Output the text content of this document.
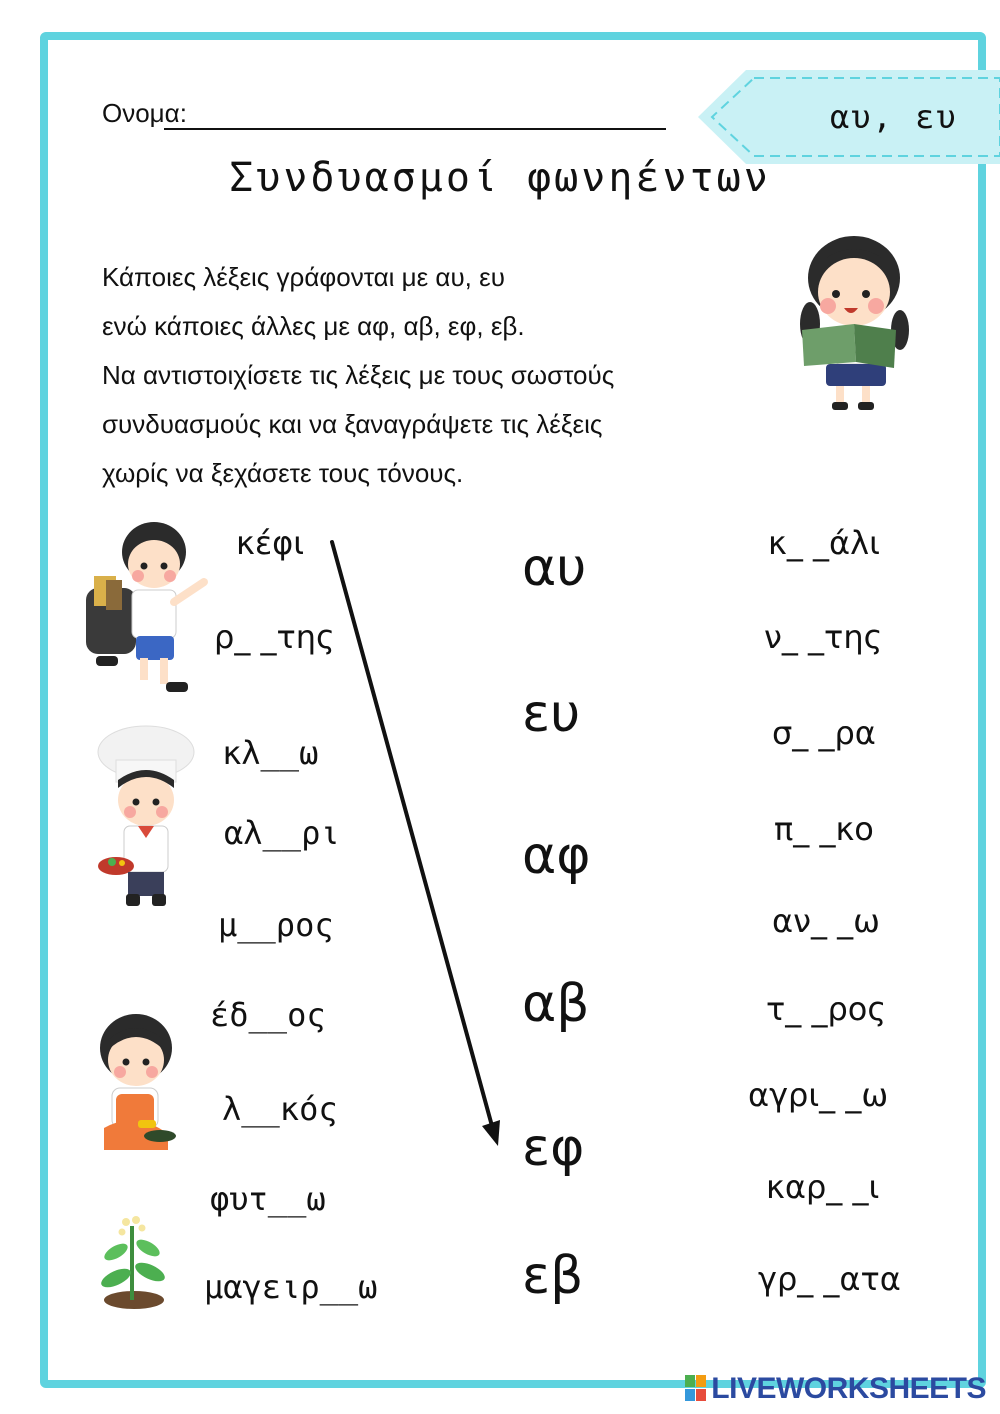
Ονομα:	αυ, ευ
Συνδυασμοί φωνηέντων
Κάποιες λέξεις γράφονται με αυ, ευ
ενώ κάποιες άλλες με αφ, αβ, εφ, εβ.
Να αντιστοιχίσετε τις λέξεις με τους σωστούς
συνδυασμούς και να ξαναγράψετε τις λέξεις
χωρίς να ξεχάσετε τους τόνους.
κέφι
ρ_ _της
κλ__ω
αλ__ρι
μ__ρος
έδ__ος
λ__κός
φυτ__ω
μαγειρ__ω
αυ
ευ
αφ
αβ
εφ
εβ
κ_ _άλι
ν_ _της
σ_ _ρα
π_ _κο
αν_ _ω
τ_ _ρος
αγρι_ _ω
καρ_ _ι
γρ_ _ατα
LIVEWORKSHEETS
